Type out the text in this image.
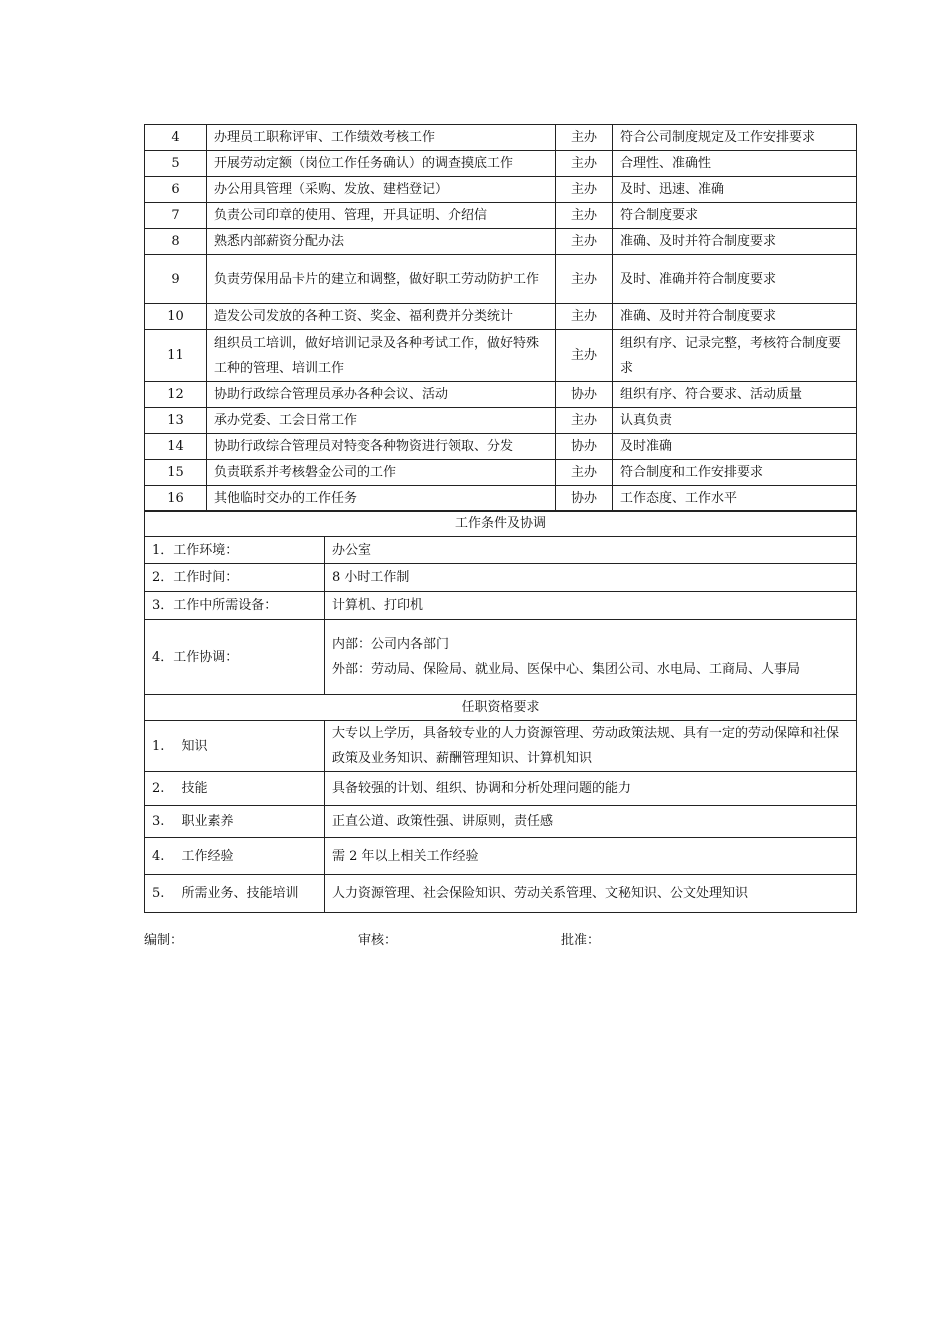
4	办理员工职称评审、工作绩效考核工作	主办	符合公司制度规定及工作安排要求
5	开展劳动定额（岗位工作任务确认）的调查摸底工作	主办	合理性、准确性
6	办公用具管理（采购、发放、建档登记）	主办	及时、迅速、准确
7	负责公司印章的使用、管理，开具证明、介绍信	主办	符合制度要求
8	熟悉内部薪资分配办法	主办	准确、及时并符合制度要求
9	负责劳保用品卡片的建立和调整，做好职工劳动防护工作	主办	及时、准确并符合制度要求
10	造发公司发放的各种工资、奖金、福利费并分类统计	主办	准确、及时并符合制度要求
11	组织员工培训，做好培训记录及各种考试工作，做好特殊工种的管理、培训工作	主办	组织有序、记录完整，考核符合制度要求
12	协助行政综合管理员承办各种会议、活动	协办	组织有序、符合要求、活动质量
13	承办党委、工会日常工作	主办	认真负责
14	协助行政综合管理员对特变各种物资进行领取、分发	协办	及时准确
15	负责联系并考核磐金公司的工作	主办	符合制度和工作安排要求
16	其他临时交办的工作任务	协办	工作态度、工作水平
工作条件及协调	
1．工作环境：	办公室
2．工作时间：	8 小时工作制
3．工作中所需设备：	计算机、打印机
4．工作协调：	内部：公司内各部门
外部：劳动局、保险局、就业局、医保中心、集团公司、水电局、工商局、人事局

任职资格要求	
1.　 知识	大专以上学历，具备较专业的人力资源管理、劳动政策法规、具有一定的劳动保障和社保政策及业务知识、薪酬管理知识、计算机知识
2.　 技能	具备较强的计划、组织、协调和分析处理问题的能力
3.　 职业素养	正直公道、政策性强、讲原则，责任感
4.　 工作经验	需 2 年以上相关工作经验
5.　 所需业务、技能培训	人力资源管理、社会保险知识、劳动关系管理、文秘知识、公文处理知识
编制：	审核：	批准：
